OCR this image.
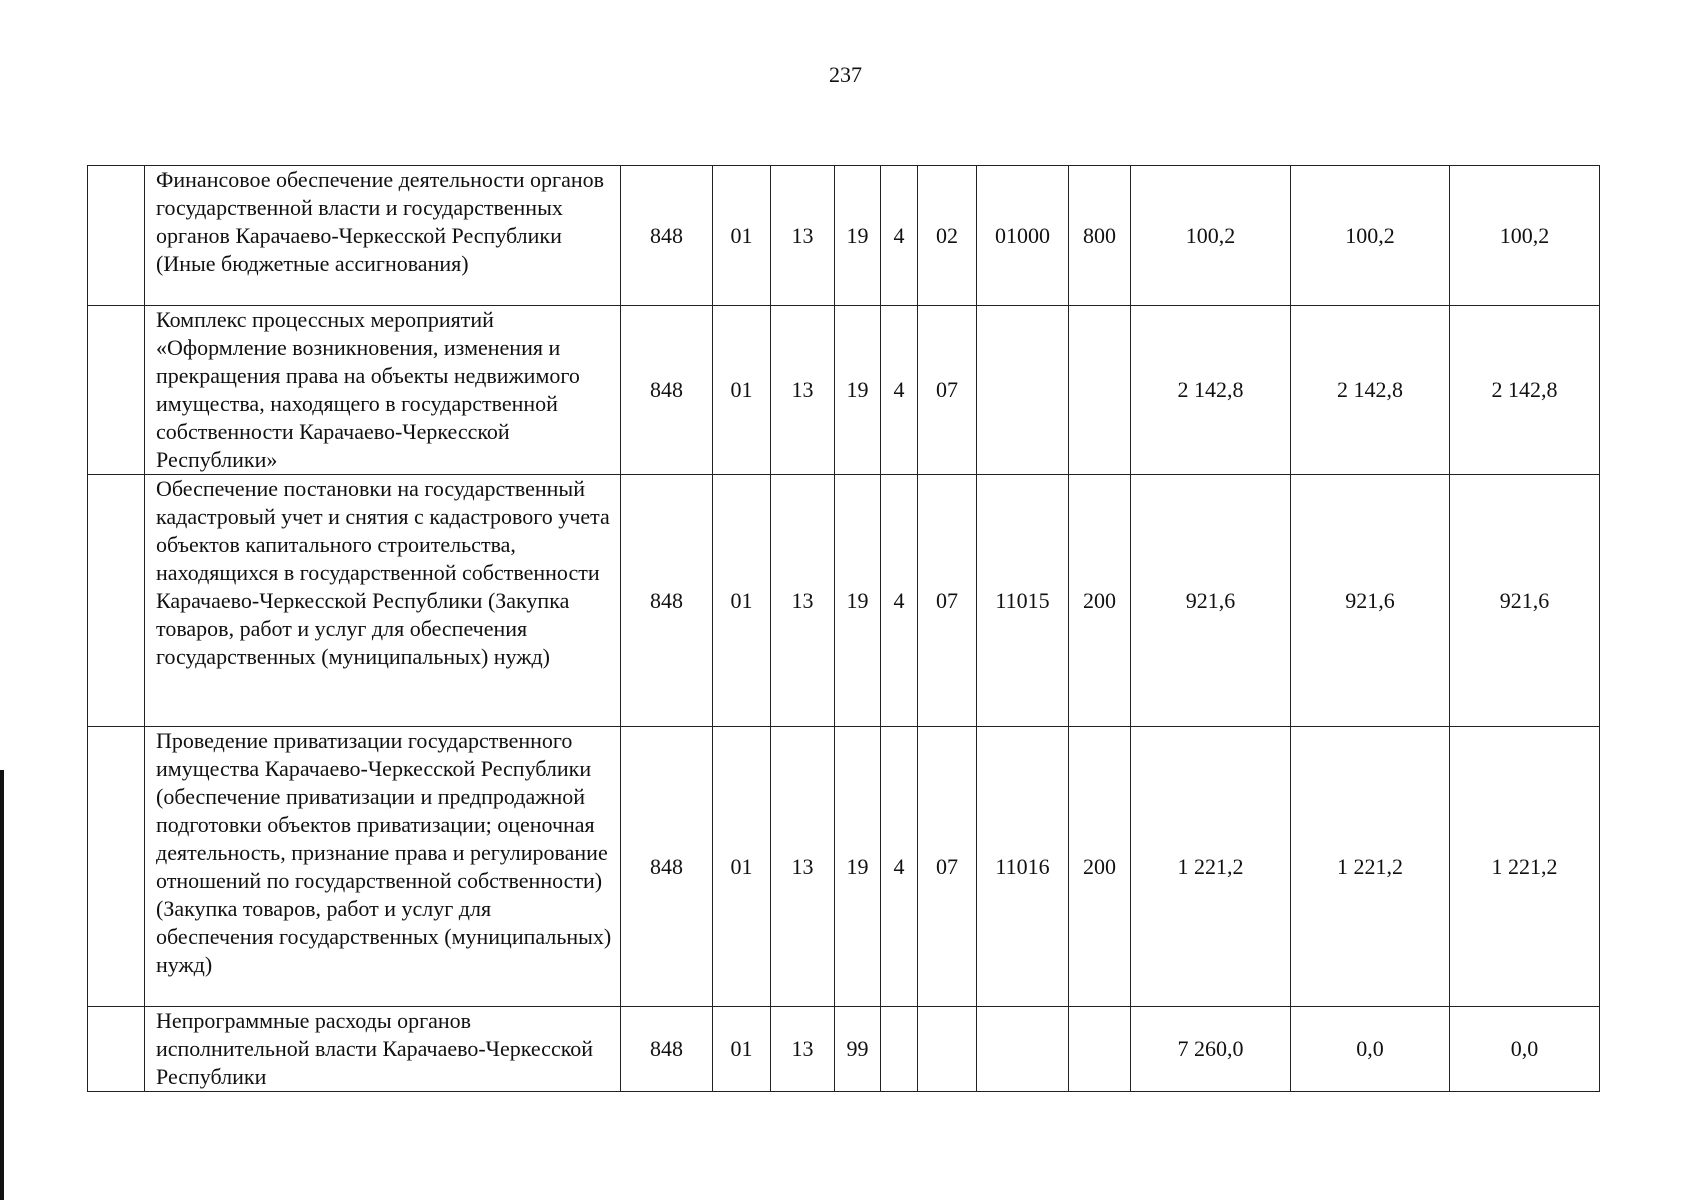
237
	Финансовое обеспечение деятельности органов государственной власти и государственных органов Карачаево-Черкесской Республики (Иные бюджетные ассигнования)	848	01	13	19	4	02	01000	800	100,2	100,2	100,2
	Комплекс процессных мероприятий «Оформление возникновения, изменения и прекращения права на объекты недвижимого имущества, находящего в государственной собственности Карачаево-Черкесской Республики»	848	01	13	19	4	07			2 142,8	2 142,8	2 142,8
	Обеспечение постановки на государственный кадастровый учет и снятия с кадастрового учета объектов капитального строительства, находящихся в государственной собственности Карачаево-Черкесской Республики (Закупка товаров, работ и услуг для обеспечения государственных (муниципальных) нужд)	848	01	13	19	4	07	11015	200	921,6	921,6	921,6
	Проведение приватизации государственного имущества Карачаево-Черкесской Республики (обеспечение приватизации и предпродажной подготовки объектов приватизации; оценочная деятельность, признание права и регулирование отношений по государственной собственности) (Закупка товаров, работ и услуг для обеспечения государственных (муниципальных) нужд)	848	01	13	19	4	07	11016	200	1 221,2	1 221,2	1 221,2
	Непрограммные расходы органов исполнительной власти Карачаево-Черкесской Республики	848	01	13	99					7 260,0	0,0	0,0
